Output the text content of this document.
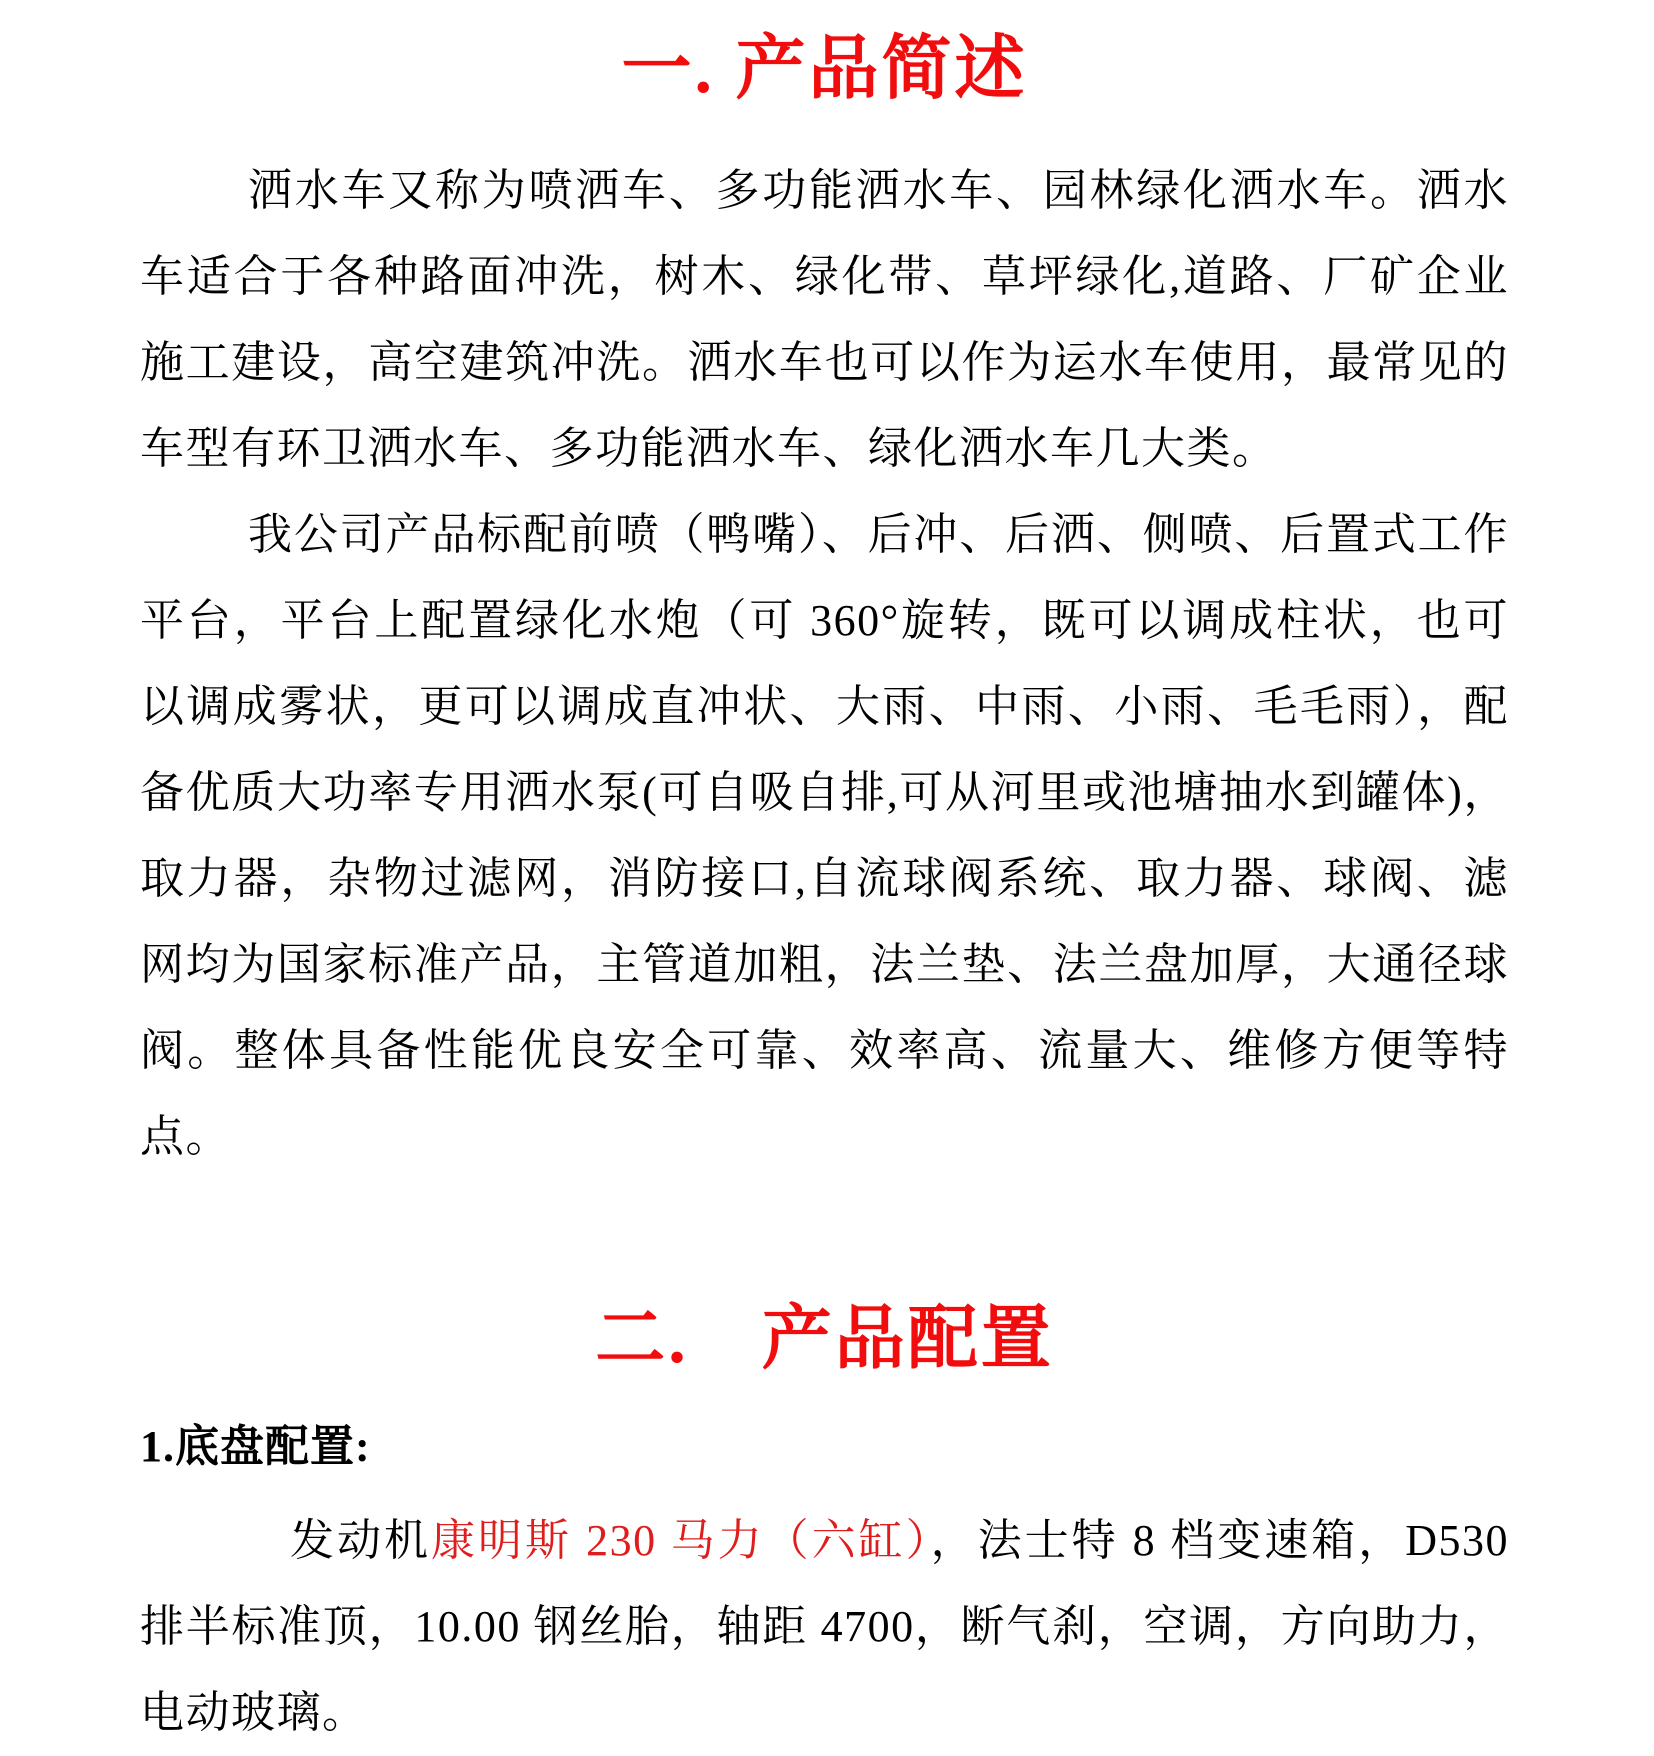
一. 产品简述

洒水车又称为喷洒车、多功能洒水车、园林绿化洒水车。洒水车适合于各种路面冲洗，树木、绿化带、草坪绿化,道路、厂矿企业施工建设，高空建筑冲洗。洒水车也可以作为运水车使用，最常见的车型有环卫洒水车、多功能洒水车、绿化洒水车几大类。

我公司产品标配前喷（鸭嘴）、后冲、后洒、侧喷、后置式工作平台，平台上配置绿化水炮（可 360°旋转，既可以调成柱状，也可以调成雾状，更可以调成直冲状、大雨、中雨、小雨、毛毛雨），配备优质大功率专用洒水泵(可自吸自排,可从河里或池塘抽水到罐体)，取力器，杂物过滤网，消防接口,自流球阀系统、取力器、球阀、滤网均为国家标准产品，主管道加粗，法兰垫、法兰盘加厚，大通径球阀。整体具备性能优良安全可靠、效率高、流量大、维修方便等特点。

二.　产品配置
1.底盘配置:

发动机康明斯 230 马力（六缸），法士特 8 档变速箱，D530 排半标准顶，10.00 钢丝胎，轴距 4700，断气刹，空调，方向助力，电动玻璃。
